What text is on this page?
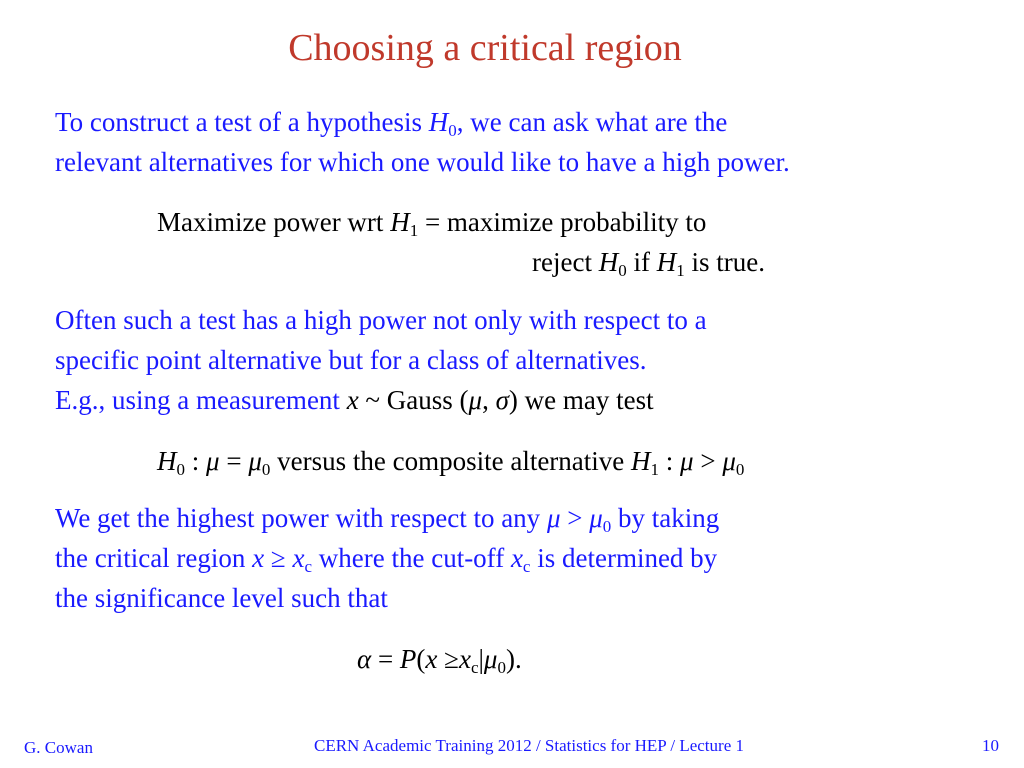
Choosing a critical region
To construct a test of a hypothesis $H_0$, we can ask what are the
relevant alternatives for which one would like to have a high power.
Maximize power wrt $H_1$ = maximize probability to
reject $H_0$ if $H_1$ is true.
Often such a test has a high power not only with respect to a
specific point alternative but for a class of alternatives.
E.g., using a measurement x ~ Gauss (μ, σ) we may test
$H_0$ : $\mu = \mu_0$ versus the composite alternative $H_1$ : $\mu > \mu_0$
We get the highest power with respect to any $\mu > \mu_0$ by taking
the critical region $x \ge x_c$ where the cut-off $x_c$ is determined by
the significance level such that
$\alpha = P(x \ge x_c|\mu_0)$.
G. Cowan	CERN Academic Training 2012 / Statistics for HEP / Lecture 1	10
